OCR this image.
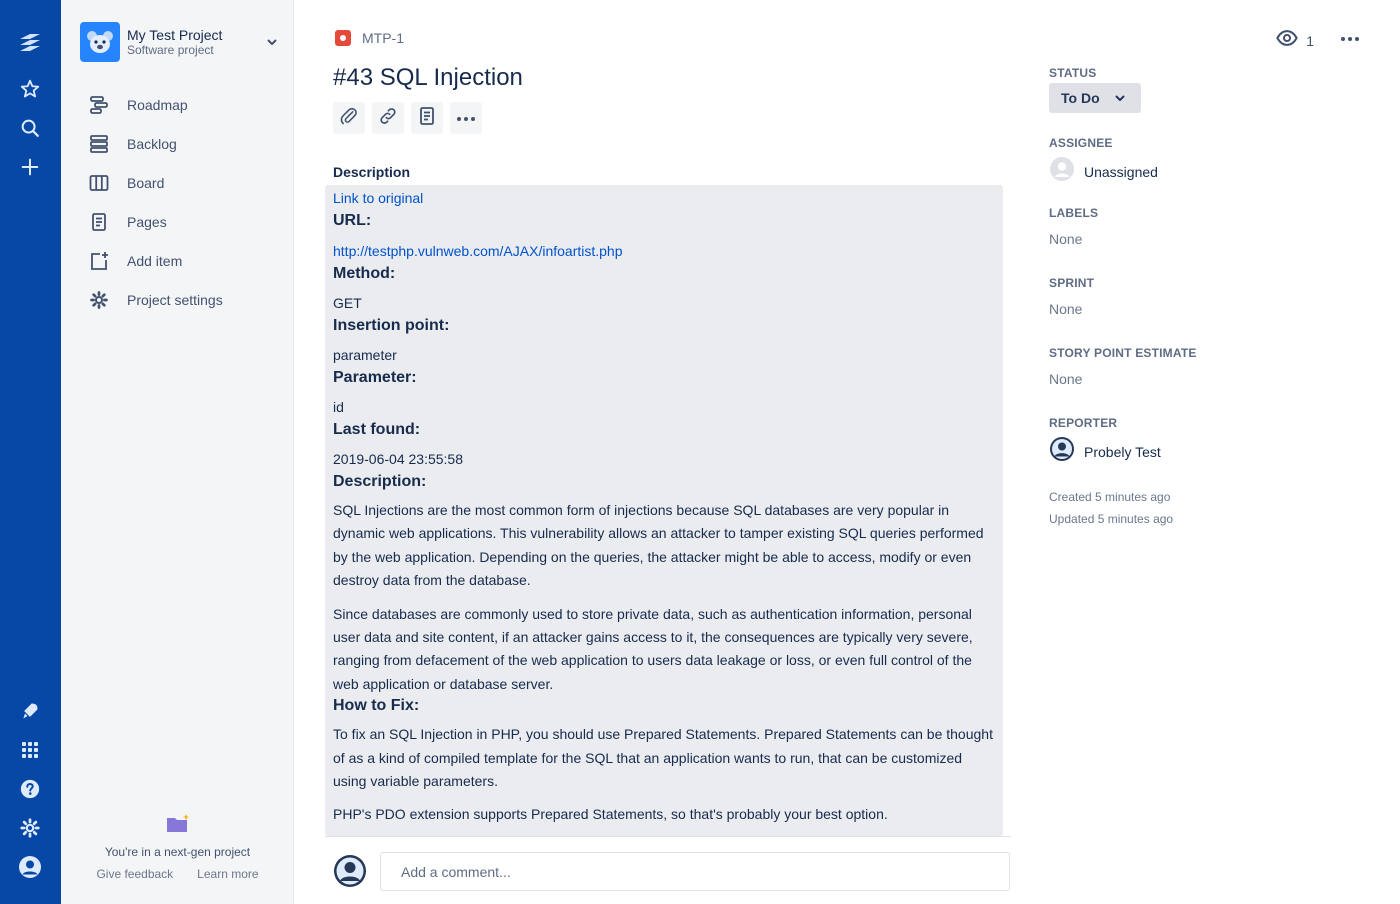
My Test Project
Software project
Roadmap
Backlog
Board
Pages
Add item
Project settings
You're in a next-gen project
Give feedback Learn more
MTP-1
#43 SQL Injection
Description
Link to original
URL:
http://testphp.vulnweb.com/AJAX/infoartist.php
Method:
GET
Insertion point:
parameter
Parameter:
id
Last found:
2019-06-04 23:55:58
Description:

SQL Injections are the most common form of injections because SQL databases are very popular in dynamic web applications. This vulnerability allows an attacker to tamper existing SQL queries performed by the web application. Depending on the queries, the attacker might be able to access, modify or even destroy data from the database.

Since databases are commonly used to store private data, such as authentication information, personal user data and site content, if an attacker gains access to it, the consequences are typically very severe, ranging from defacement of the web application to users data leakage or loss, or even full control of the web application or database server.

How to Fix:

To fix an SQL Injection in PHP, you should use Prepared Statements. Prepared Statements can be thought of as a kind of compiled template for the SQL that an application wants to run, that can be customized using variable parameters.

PHP's PDO extension supports Prepared Statements, so that's probably your best option.

1
STATUS
To Do
ASSIGNEE
Unassigned
LABELS
None
SPRINT
None
STORY POINT ESTIMATE
None
REPORTER
Probely Test
Created 5 minutes ago
Updated 5 minutes ago
Add a comment...
